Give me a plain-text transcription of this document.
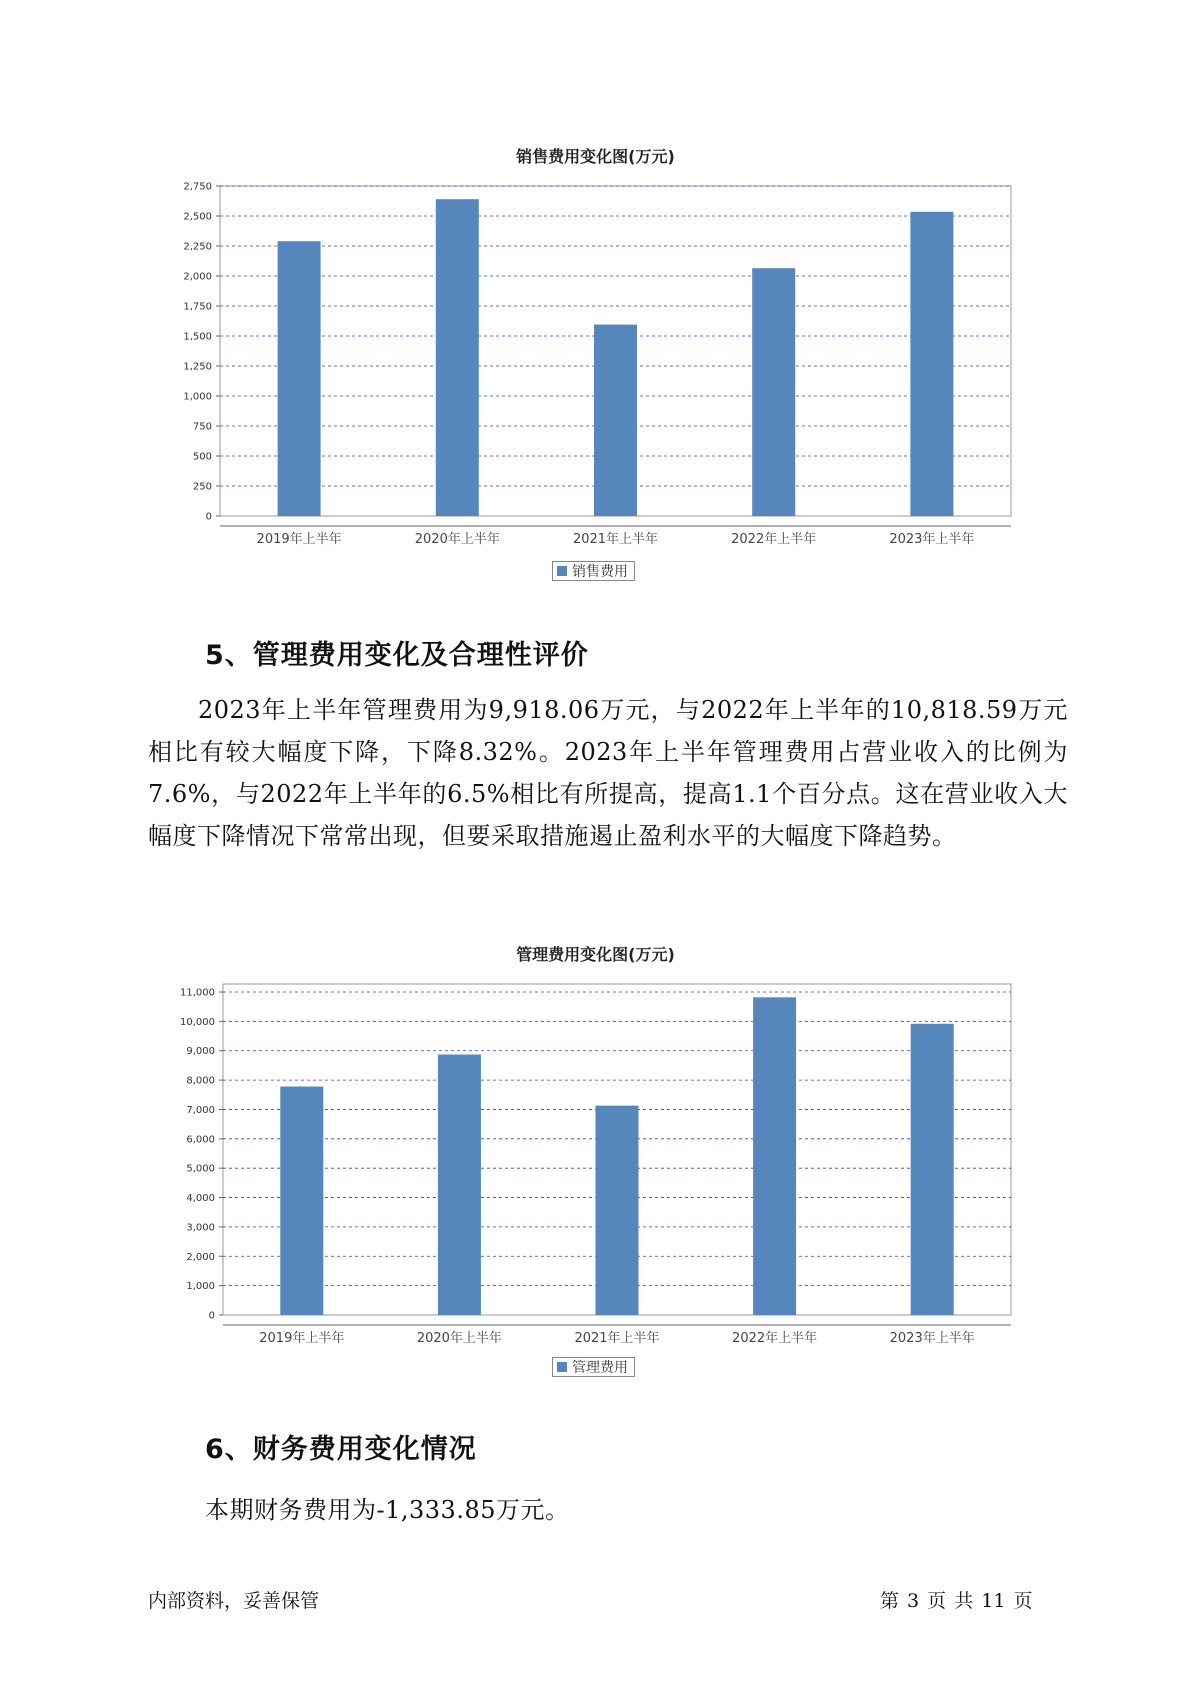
销售费用变化图(万元)
0
250
500
750
1,000
1,250
1,500
1,750
2,000
2,250
2,500
2,750
2019年上半年	2020年上半年	2021年上半年	2022年上半年	2023年上半年
销售费用
5、管理费用变化及合理性评价

2023年上半年管理费用为9,918.06万元，与2022年上半年的10,818.59万元相比有较大幅度下降，下降8.32%。2023年上半年管理费用占营业收入的比例为7.6%，与2022年上半年的6.5%相比有所提高，提高1.1个百分点。这在营业收入大幅度下降情况下常常出现，但要采取措施遏止盈利水平的大幅度下降趋势。

管理费用变化图(万元)
0
1,000
2,000
3,000
4,000
5,000
6,000
7,000
8,000
9,000
10,000
11,000
2019年上半年	2020年上半年	2021年上半年	2022年上半年	2023年上半年
管理费用
6、财务费用变化情况

本期财务费用为-1,333.85万元。

内部资料，妥善保管	第 3 页 共 11 页
